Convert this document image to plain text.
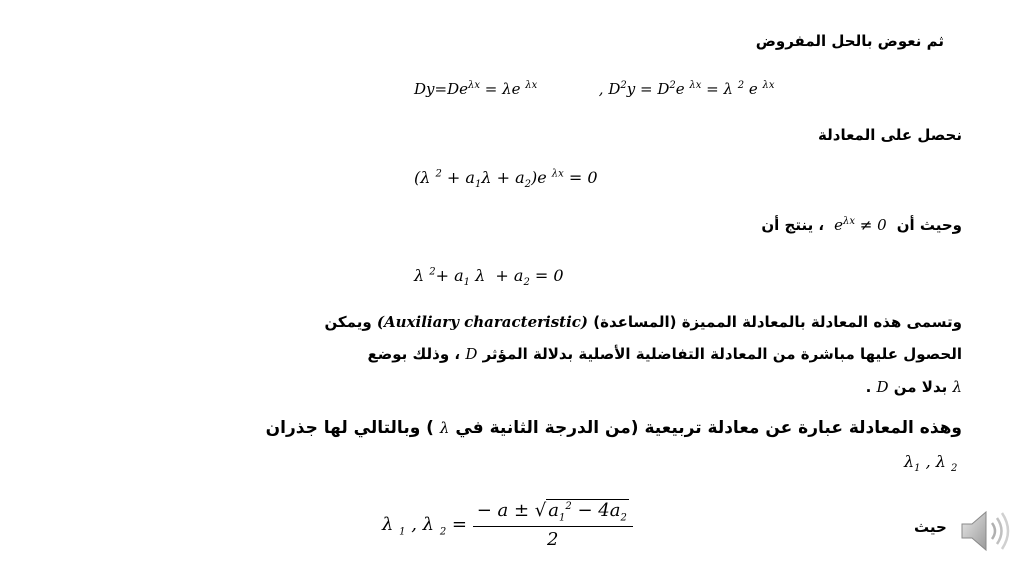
ثم نعوض بالحل المفروض
$Dy=De^{\lambda x} = \lambda e$ $^{\lambda x}$	, $D^2y = D^2e$ $^{\lambda x}$ = λ $^2$ e $^{\lambda x}$
نحصل على المعادلة
(λ $^2 + a_1\lambda + a_2)e$ $^{\lambda x}$ = 0
وحيث أن  $e^{\lambda x} \ne 0$  ، ينتج أن
λ $^2+ a_1$ $\lambda + a_2 = 0$
وتسمى هذه المعادلة بالمعادلة المميزة (المساعدة) (Auxiliary characteristic) ويمكن
الحصول عليها مباشرة من المعادلة التفاضلية الأصلية بدلالة المؤثر D ، وذلك بوضع
λ بدلا من D .
وهذه المعادلة عبارة عن معادلة تربيعية (من الدرجة الثانية في λ ) وبالتالي لها جذران
$\lambda_1$ , λ $_2$
λ $_1$ , λ $_2 = \frac{- a \pm √ a_1^2 - 4a_2}{2}$	حيث
